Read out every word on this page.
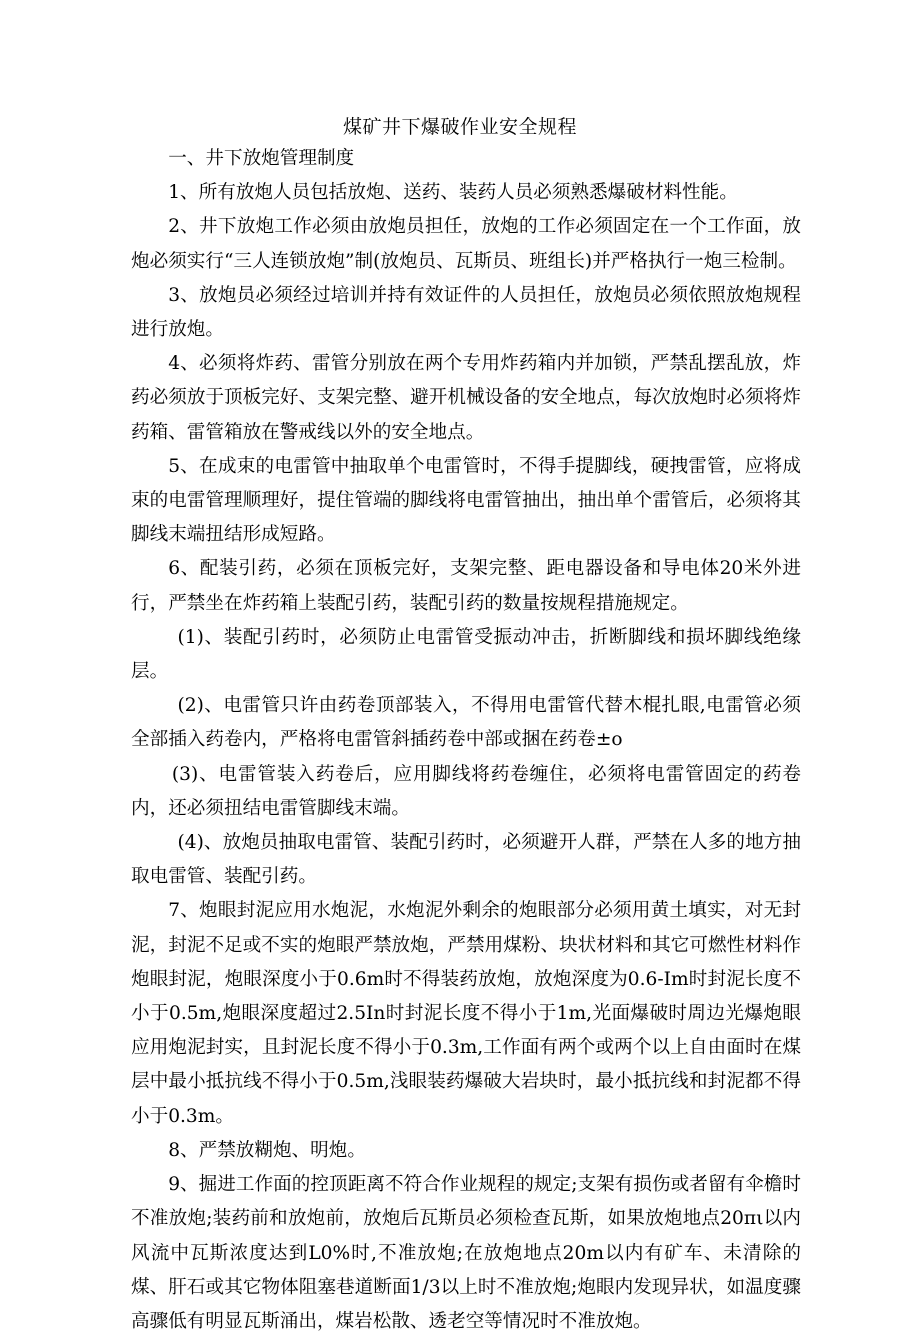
煤矿井下爆破作业安全规程

一、井下放炮管理制度

1、所有放炮人员包括放炮、送药、装药人员必须熟悉爆破材料性能。

2、井下放炮工作必须由放炮员担任，放炮的工作必须固定在一个工作面，放炮必须实行“三人连锁放炮”制(放炮员、瓦斯员、班组长)并严格执行一炮三检制。

3、放炮员必须经过培训并持有效证件的人员担任，放炮员必须依照放炮规程进行放炮。

4、必须将炸药、雷管分别放在两个专用炸药箱内并加锁，严禁乱摆乱放，炸药必须放于顶板完好、支架完整、避开机械设备的安全地点，每次放炮时必须将炸药箱、雷管箱放在警戒线以外的安全地点。

5、在成束的电雷管中抽取单个电雷管时，不得手提脚线，硬拽雷管，应将成束的电雷管理顺理好，提住管端的脚线将电雷管抽出，抽出单个雷管后，必须将其脚线末端扭结形成短路。

6、配装引药，必须在顶板完好，支架完整、距电器设备和导电体20米外进行，严禁坐在炸药箱上装配引药，装配引药的数量按规程措施规定。

(1)、装配引药时，必须防止电雷管受振动冲击，折断脚线和损坏脚线绝缘层。

(2)、电雷管只许由药卷顶部装入，不得用电雷管代替木棍扎眼,电雷管必须全部插入药卷内，严格将电雷管斜插药卷中部或捆在药卷±o

(3)、电雷管装入药卷后，应用脚线将药卷缠住，必须将电雷管固定的药卷内，还必须扭结电雷管脚线末端。

(4)、放炮员抽取电雷管、装配引药时，必须避开人群，严禁在人多的地方抽取电雷管、装配引药。

7、炮眼封泥应用水炮泥，水炮泥外剩余的炮眼部分必须用黄土填实，对无封泥，封泥不足或不实的炮眼严禁放炮，严禁用煤粉、块状材料和其它可燃性材料作炮眼封泥，炮眼深度小于0.6m时不得装药放炮，放炮深度为0.6-Im时封泥长度不小于0.5m,炮眼深度超过2.5In时封泥长度不得小于1m,光面爆破时周边光爆炮眼应用炮泥封实，且封泥长度不得小于0.3m,工作面有两个或两个以上自由面时在煤层中最小抵抗线不得小于0.5m,浅眼装药爆破大岩块时，最小抵抗线和封泥都不得小于0.3m。

8、严禁放糊炮、明炮。

9、掘进工作面的控顶距离不符合作业规程的规定;支架有损伤或者留有伞檐时不准放炮;装药前和放炮前，放炮后瓦斯员必须检查瓦斯，如果放炮地点20πι以内风流中瓦斯浓度达到L0%时,不准放炮;在放炮地点20m以内有矿车、未清除的煤、肝石或其它物体阻塞巷道断面1/3以上时不准放炮;炮眼内发现异状，如温度骤高骤低有明显瓦斯涌出，煤岩松散、透老空等情况时不准放炮。
